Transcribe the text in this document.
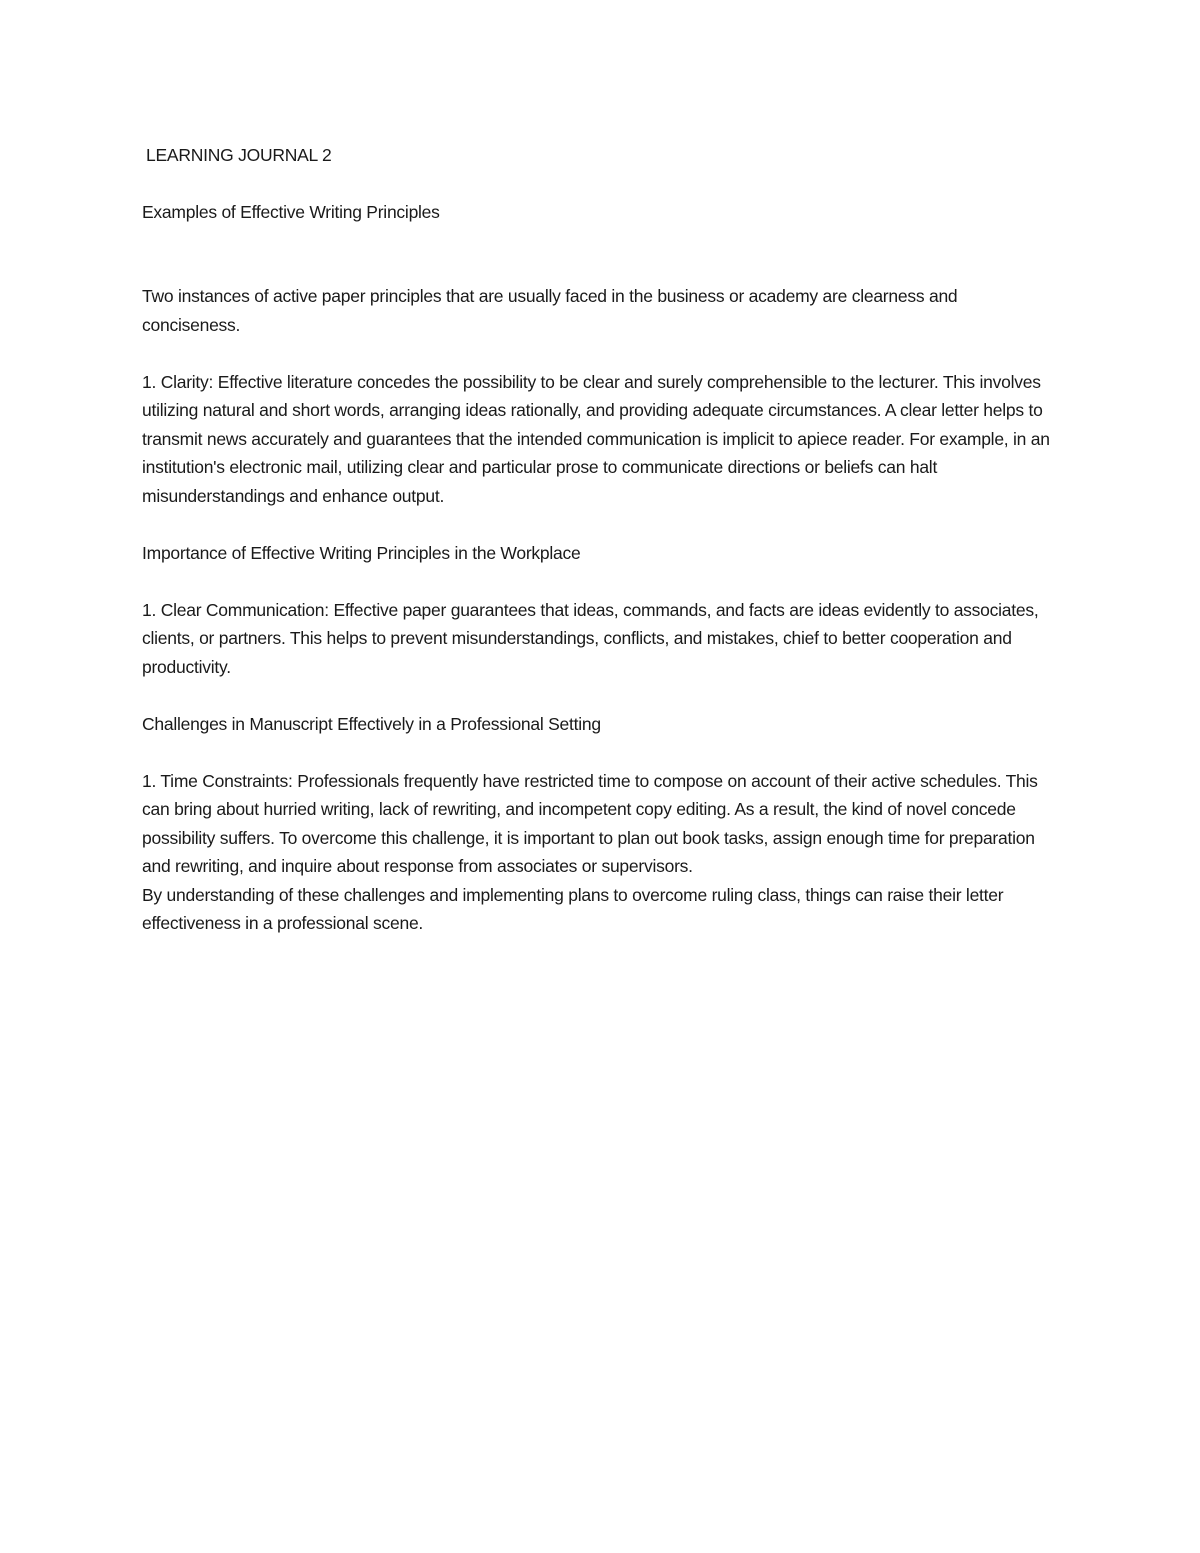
LEARNING JOURNAL 2

Examples of Effective Writing Principles

Two instances of active paper principles that are usually faced in the business or academy are clearness and conciseness.

1. Clarity: Effective literature concedes the possibility to be clear and surely comprehensible to the lecturer. This involves utilizing natural and short words, arranging ideas rationally, and providing adequate circumstances. A clear letter helps to transmit news accurately and guarantees that the intended communication is implicit to apiece reader. For example, in an institution's electronic mail, utilizing clear and particular prose to communicate directions or beliefs can halt misunderstandings and enhance output.

Importance of Effective Writing Principles in the Workplace

1. Clear Communication: Effective paper guarantees that ideas, commands, and facts are ideas evidently to associates, clients, or partners. This helps to prevent misunderstandings, conflicts, and mistakes, chief to better cooperation and productivity.

Challenges in Manuscript Effectively in a Professional Setting

1. Time Constraints: Professionals frequently have restricted time to compose on account of their active schedules. This can bring about hurried writing, lack of rewriting, and incompetent copy editing. As a result, the kind of novel concede possibility suffers. To overcome this challenge, it is important to plan out book tasks, assign enough time for preparation and rewriting, and inquire about response from associates or supervisors.

By understanding of these challenges and implementing plans to overcome ruling class, things can raise their letter effectiveness in a professional scene.
